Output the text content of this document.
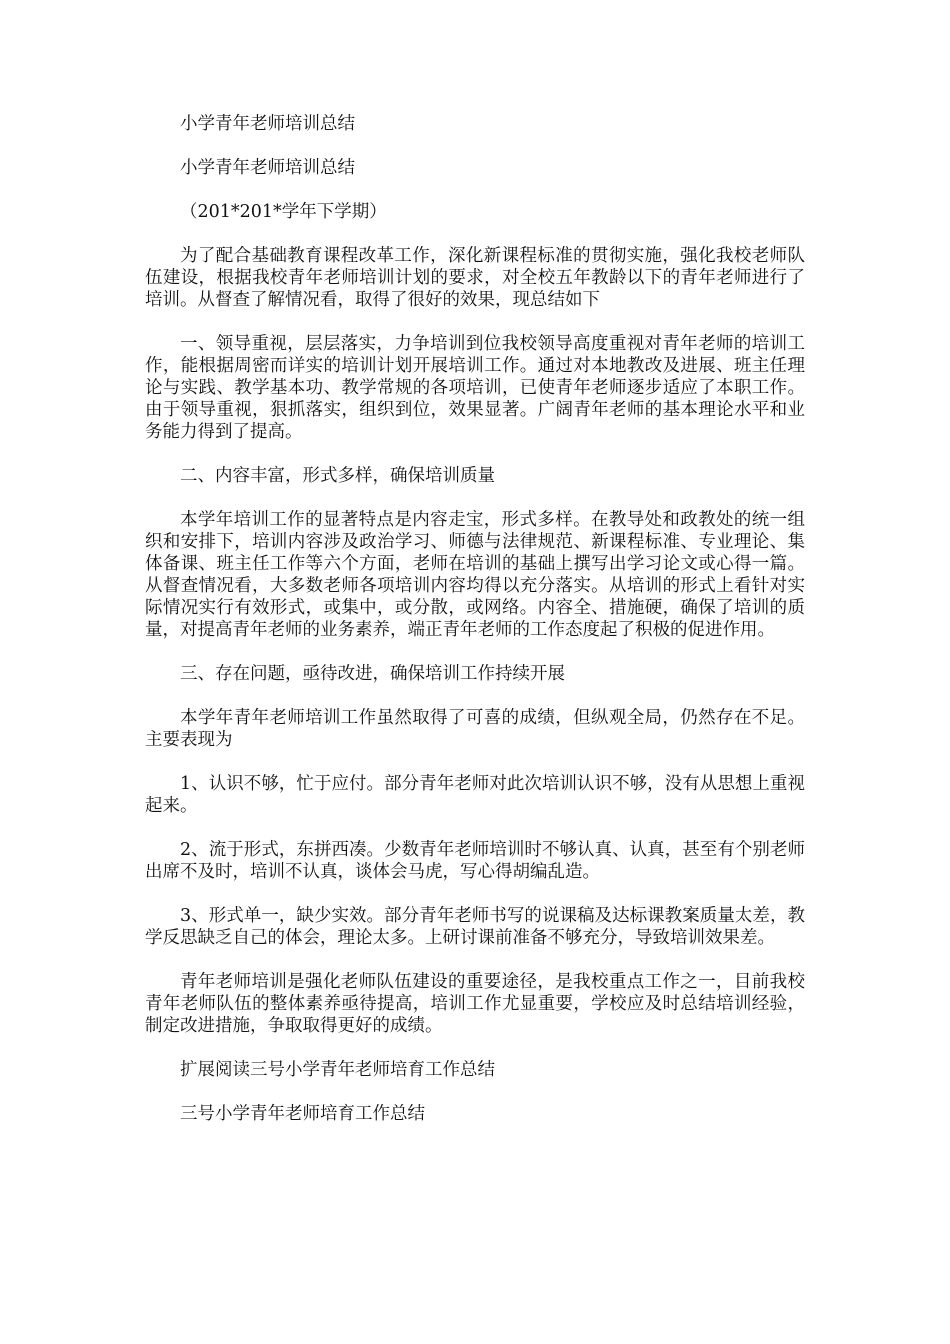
小学青年老师培训总结

小学青年老师培训总结

（201*201*学年下学期）

为了配合基础教育课程改革工作，深化新课程标准的贯彻实施，强化我校老师队伍建设，根据我校青年老师培训计划的要求，对全校五年教龄以下的青年老师进行了培训。从督查了解情况看，取得了很好的效果，现总结如下

一、领导重视，层层落实，力争培训到位我校领导高度重视对青年老师的培训工作，能根据周密而详实的培训计划开展培训工作。通过对本地教改及进展、班主任理论与实践、教学基本功、教学常规的各项培训，已使青年老师逐步适应了本职工作。由于领导重视，狠抓落实，组织到位，效果显著。广阔青年老师的基本理论水平和业务能力得到了提高。

二、内容丰富，形式多样，确保培训质量

本学年培训工作的显著特点是内容走宝，形式多样。在教导处和政教处的统一组织和安排下，培训内容涉及政治学习、师德与法律规范、新课程标准、专业理论、集体备课、班主任工作等六个方面，老师在培训的基础上撰写出学习论文或心得一篇。从督查情况看，大多数老师各项培训内容均得以充分落实。从培训的形式上看针对实际情况实行有效形式，或集中，或分散，或网络。内容全、措施硬，确保了培训的质量，对提高青年老师的业务素养，端正青年老师的工作态度起了积极的促进作用。

三、存在问题，亟待改进，确保培训工作持续开展

本学年青年老师培训工作虽然取得了可喜的成绩，但纵观全局，仍然存在不足。主要表现为

1、认识不够，忙于应付。部分青年老师对此次培训认识不够，没有从思想上重视起来。

2、流于形式，东拼西凑。少数青年老师培训时不够认真、认真，甚至有个别老师出席不及时，培训不认真，谈体会马虎，写心得胡编乱造。

3、形式单一，缺少实效。部分青年老师书写的说课稿及达标课教案质量太差，教学反思缺乏自己的体会，理论太多。上研讨课前准备不够充分，导致培训效果差。

青年老师培训是强化老师队伍建设的重要途径，是我校重点工作之一，目前我校青年老师队伍的整体素养亟待提高，培训工作尤显重要，学校应及时总结培训经验，制定改进措施，争取取得更好的成绩。

扩展阅读三号小学青年老师培育工作总结

三号小学青年老师培育工作总结
